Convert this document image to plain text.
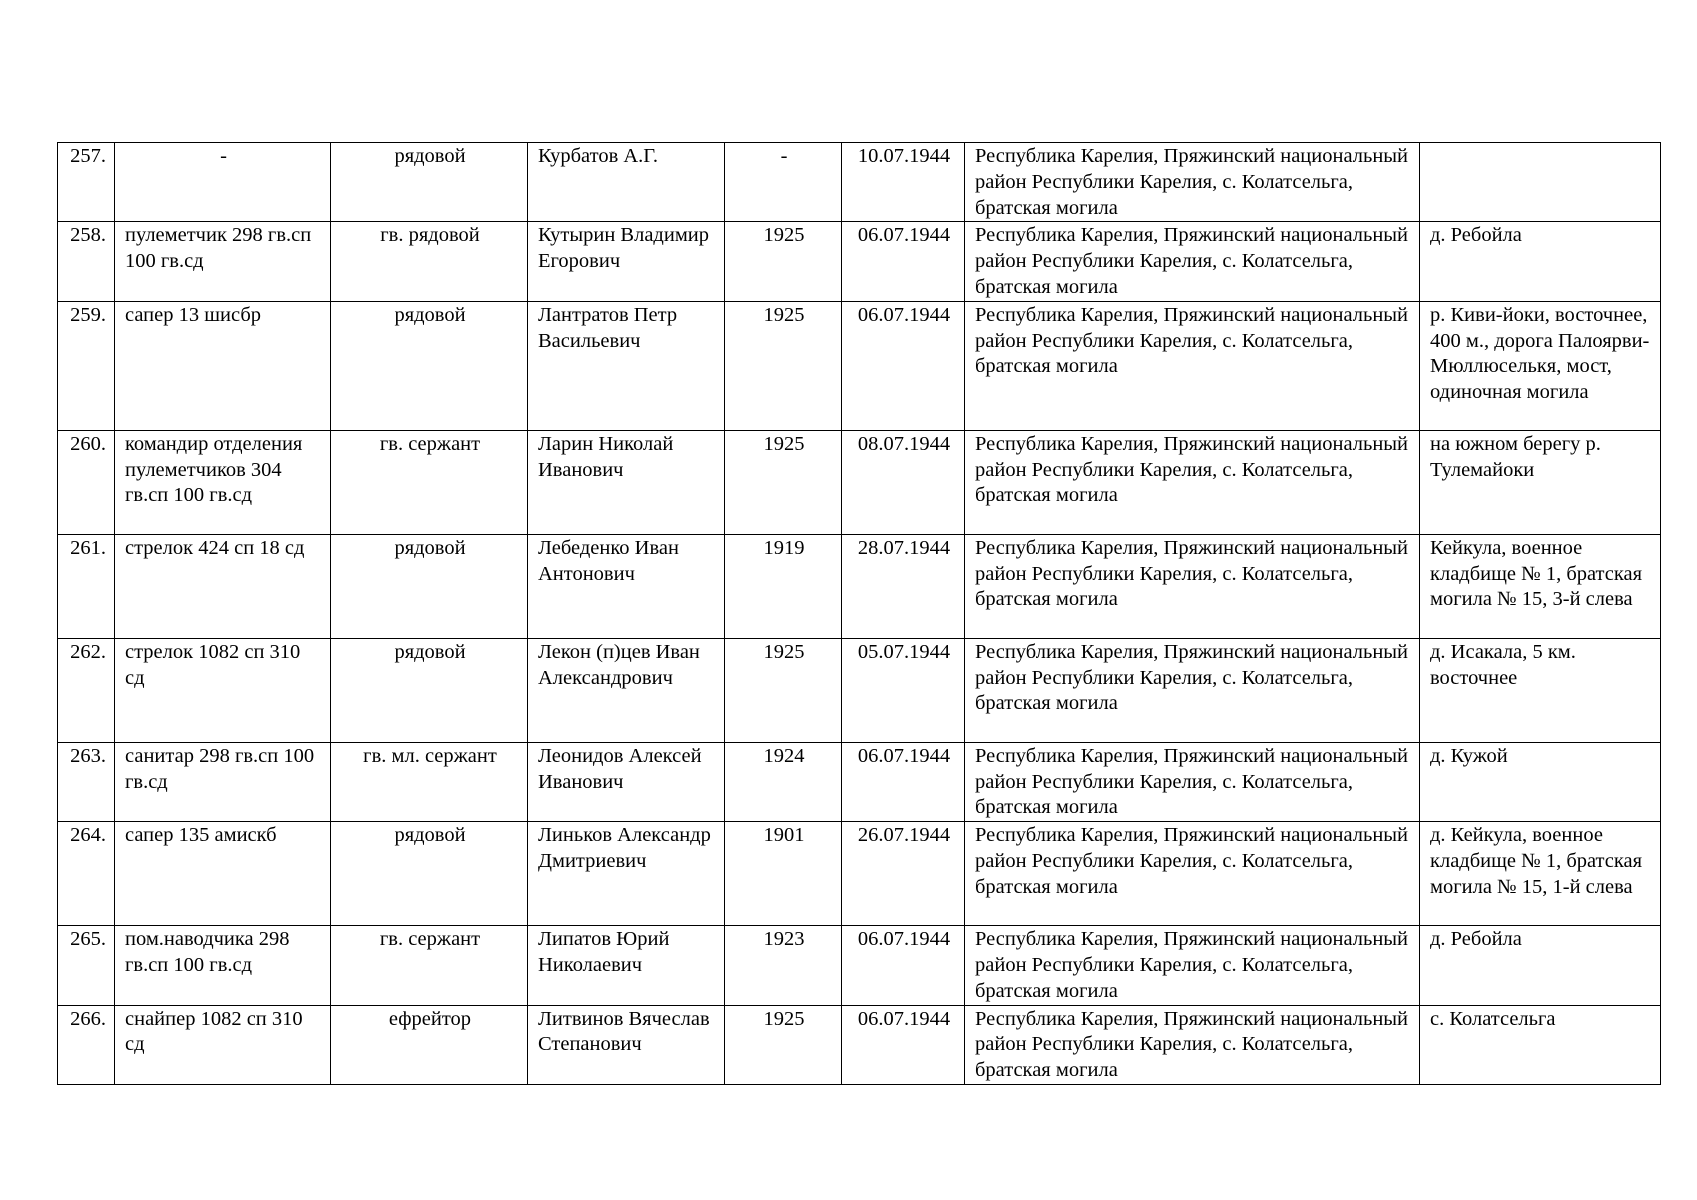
257.	-	рядовой	Курбатов А.Г.	-	10.07.1944	Республика Карелия, Пряжинский национальный район Республики Карелия, с. Колатсельга, братская могила	
258.	пулеметчик 298 гв.сп 100 гв.сд	гв. рядовой	Кутырин Владимир Егорович	1925	06.07.1944	Республика Карелия, Пряжинский национальный район Республики Карелия, с. Колатсельга, братская могила	д. Ребойла
259.	сапер 13 шисбр	рядовой	Лантратов Петр Васильевич	1925	06.07.1944	Республика Карелия, Пряжинский национальный район Республики Карелия, с. Колатсельга, братская могила	р. Киви-йоки, восточнее, 400 м., дорога Палоярви-Мюллюселькя, мост, одиночная могила
260.	командир отделения пулеметчиков 304 гв.сп 100 гв.сд	гв. сержант	Ларин Николай Иванович	1925	08.07.1944	Республика Карелия, Пряжинский национальный район Республики Карелия, с. Колатсельга, братская могила	на южном берегу р. Тулемайоки
261.	стрелок 424 сп 18 сд	рядовой	Лебеденко Иван Антонович	1919	28.07.1944	Республика Карелия, Пряжинский национальный район Республики Карелия, с. Колатсельга, братская могила	Кейкула, военное кладбище № 1, братская могила № 15, 3-й слева
262.	стрелок 1082 сп 310 сд	рядовой	Лекон (п)цев Иван Александрович	1925	05.07.1944	Республика Карелия, Пряжинский национальный район Республики Карелия, с. Колатсельга, братская могила	д. Исакала, 5 км. восточнее
263.	санитар 298 гв.сп 100 гв.сд	гв. мл. сержант	Леонидов Алексей Иванович	1924	06.07.1944	Республика Карелия, Пряжинский национальный район Республики Карелия, с. Колатсельга, братская могила	д. Кужой
264.	сапер 135 амискб	рядовой	Линьков Александр Дмитриевич	1901	26.07.1944	Республика Карелия, Пряжинский национальный район Республики Карелия, с. Колатсельга, братская могила	д. Кейкула, военное кладбище № 1, братская могила № 15, 1-й слева
265.	пом.наводчика 298 гв.сп 100 гв.сд	гв. сержант	Липатов Юрий Николаевич	1923	06.07.1944	Республика Карелия, Пряжинский национальный район Республики Карелия, с. Колатсельга, братская могила	д. Ребойла
266.	снайпер 1082 сп 310 сд	ефрейтор	Литвинов Вячеслав Степанович	1925	06.07.1944	Республика Карелия, Пряжинский национальный район Республики Карелия, с. Колатсельга, братская могила	с. Колатсельга
